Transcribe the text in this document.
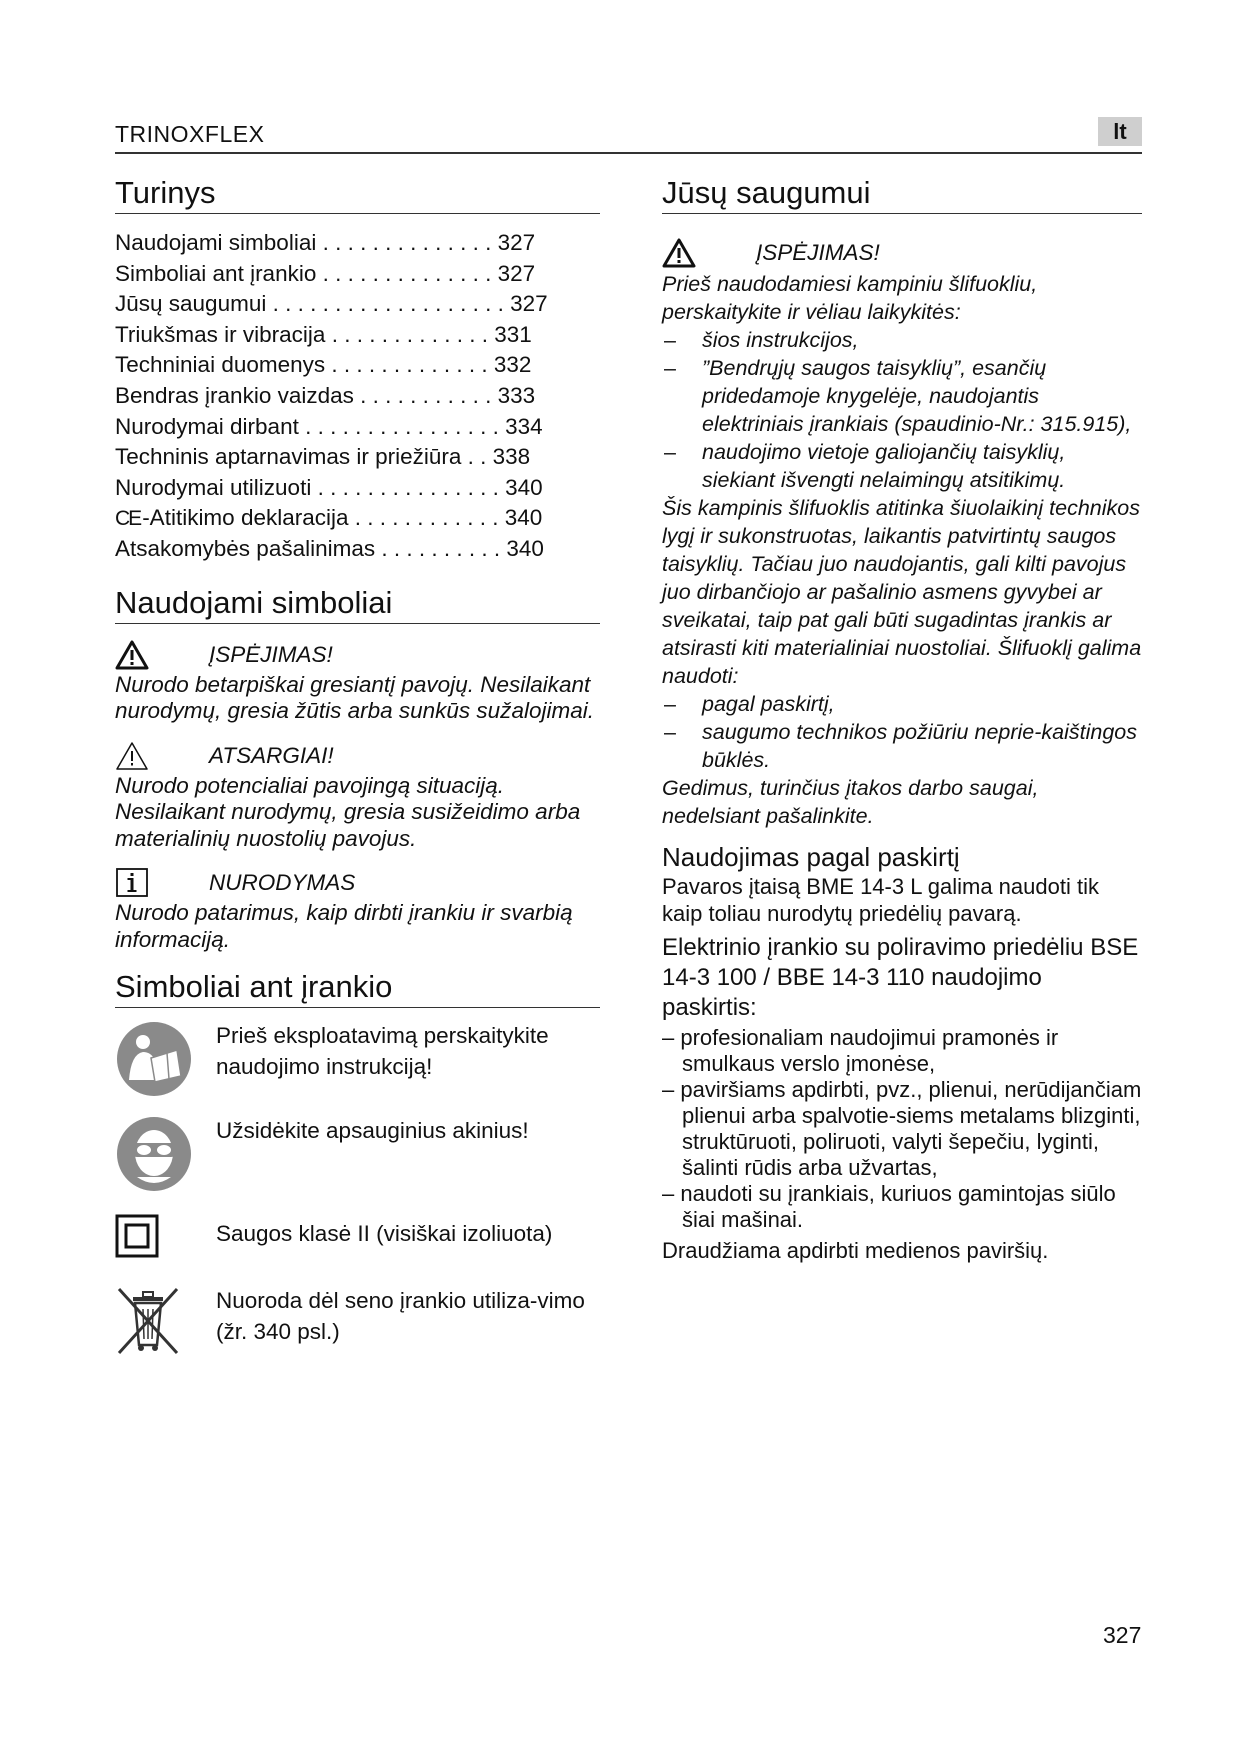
TRINOXFLEX	lt
Turinys
Naudojami simboliai . . . . . . . . . . . . . . 327
Simboliai ant įrankio . . . . . . . . . . . . . . 327
Jūsų saugumui . . . . . . . . . . . . . . . . . . . 327
Triukšmas ir vibracija . . . . . . . . . . . . . 331
Techniniai duomenys . . . . . . . . . . . . . 332
Bendras įrankio vaizdas . . . . . . . . . . . 333
Nurodymai dirbant . . . . . . . . . . . . . . . . 334
Techninis aptarnavimas ir priežiūra . . 338
Nurodymai utilizuoti . . . . . . . . . . . . . . . 340
CE-Atitikimo deklaracija . . . . . . . . . . . . 340
Atsakomybės pašalinimas . . . . . . . . . . 340
Naudojami simboliai
ĮSPĖJIMAS!
Nurodo betarpiškai gresiantį pavojų. Nesilaikant nurodymų, gresia žūtis arba sunkūs sužalojimai.
ATSARGIAI!
Nurodo potencialiai pavojingą situaciją. Nesilaikant nurodymų, gresia susižeidimo arba materialinių nuostolių pavojus.
NURODYMAS
Nurodo patarimus, kaip dirbti įrankiu ir svarbią informaciją.
Simboliai ant įrankio
Prieš eksploatavimą perskaitykite naudojimo instrukciją!
Užsidėkite apsauginius akinius!
Saugos klasė II (visiškai izoliuota)
Nuoroda dėl seno įrankio utiliza-vimo (žr. 340 psl.)
Jūsų saugumui
ĮSPĖJIMAS!
Prieš naudodamiesi kampiniu šlifuokliu, perskaitykite ir vėliau laikykitės:
– šios instrukcijos,
– ”Bendrųjų saugos taisyklių”, esančių pridedamoje knygelėje, naudojantis elektriniais įrankiais (spaudinio-Nr.: 315.915),
– naudojimo vietoje galiojančių taisyklių, siekiant išvengti nelaimingų atsitikimų.
Šis kampinis šlifuoklis atitinka šiuolaikinį technikos lygį ir sukonstruotas, laikantis patvirtintų saugos taisyklių. Tačiau juo naudojantis, gali kilti pavojus juo dirbančiojo ar pašalinio asmens gyvybei ar sveikatai, taip pat gali būti sugadintas įrankis ar atsirasti kiti materialiniai nuostoliai. Šlifuoklį galima naudoti:
– pagal paskirtį,
– saugumo technikos požiūriu neprie-kaištingos būklės.
Gedimus, turinčius įtakos darbo saugai, nedelsiant pašalinkite.
Naudojimas pagal paskirtį
Pavaros įtaisą BME 14-3 L galima naudoti tik kaip toliau nurodytų priedėlių pavarą.
Elektrinio įrankio su poliravimo priedėliu BSE 14-3 100 / BBE 14-3 110 naudojimo paskirtis:
– profesionaliam naudojimui pramonės ir smulkaus verslo įmonėse,
– paviršiams apdirbti, pvz., plienui, nerūdijančiam plienui arba spalvotie-siems metalams blizginti, struktūruoti, poliruoti, valyti šepečiu, lyginti, šalinti rūdis arba užvartas,
– naudoti su įrankiais, kuriuos gamintojas siūlo šiai mašinai.
Draudžiama apdirbti medienos paviršių.
327
